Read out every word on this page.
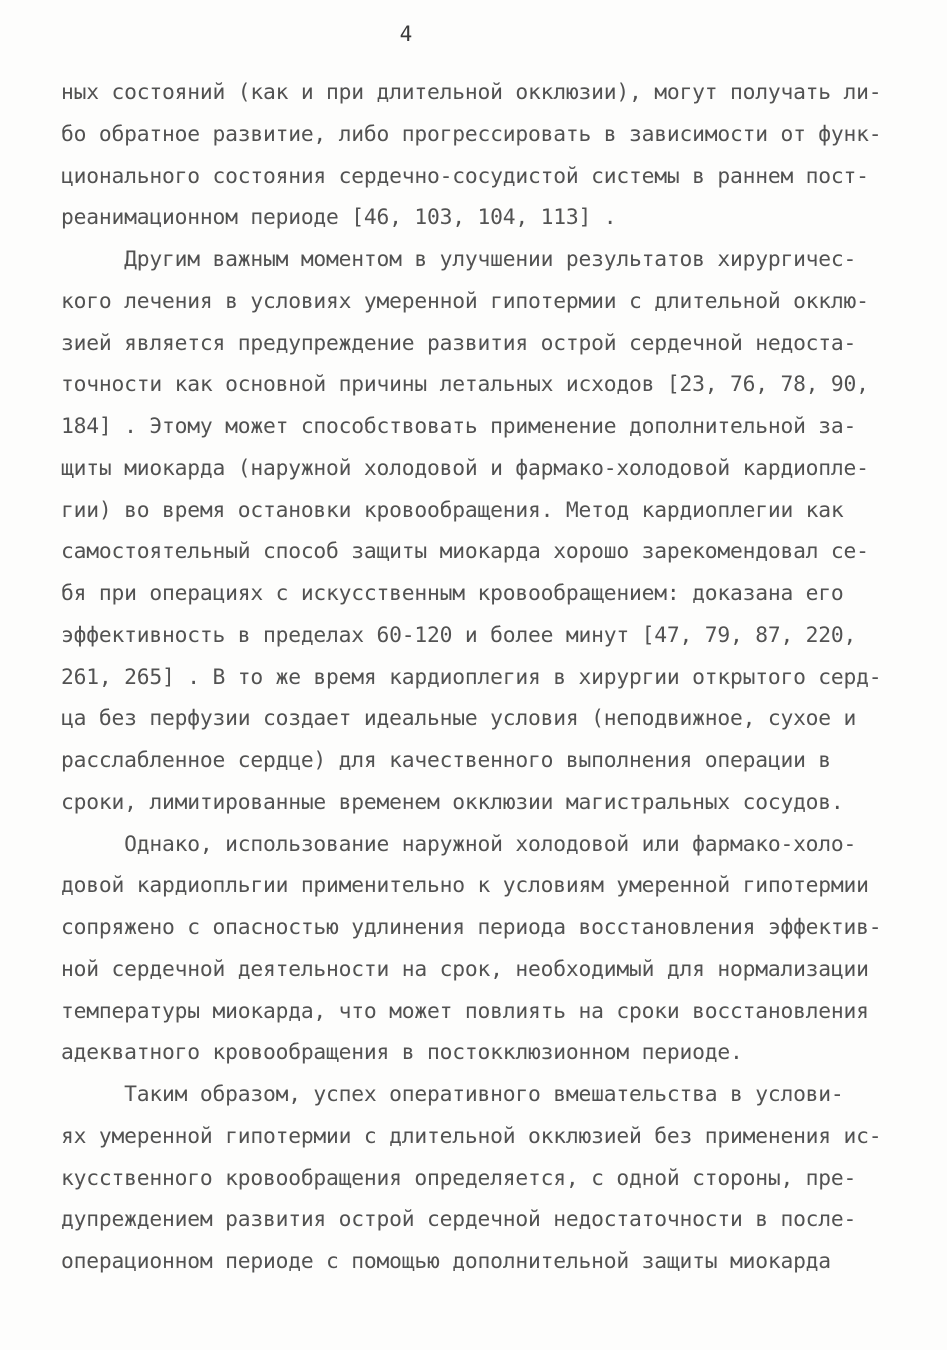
4
ных состояний (как и при длительной окклюзии), могут получать ли-
бо обратное развитие, либо прогрессировать в зависимости от функ-
ционального состояния сердечно-сосудистой системы в раннем пост-
реанимационном периоде [46, 103, 104, 113] .
Другим важным моментом в улучшении результатов хирургичес-
кого лечения в условиях умеренной гипотермии с длительной окклю-
зией является предупреждение развития острой сердечной недоста-
точности как основной причины летальных исходов [23, 76, 78, 90,
184] . Этому может способствовать применение дополнительной за-
щиты миокарда (наружной холодовой и фармако-холодовой кардиопле-
гии) во время остановки кровообращения. Метод кардиоплегии как
самостоятельный способ защиты миокарда хорошо зарекомендовал се-
бя при операциях с искусственным кровообращением: доказана его
эффективность в пределах 60-120 и более минут [47, 79, 87, 220,
261, 265] . В то же время кардиоплегия в хирургии открытого серд-
ца без перфузии создает идеальные условия (неподвижное, сухое и
расслабленное сердце) для качественного выполнения операции в
сроки, лимитированные временем окклюзии магистральных сосудов.
Однако, использование наружной холодовой или фармако-холо-
довой кардиопльгии применительно к условиям умеренной гипотермии
сопряжено с опасностью удлинения периода восстановления эффектив-
ной сердечной деятельности на срок, необходимый для нормализации
температуры миокарда, что может повлиять на сроки восстановления
адекватного кровообращения в постокклюзионном периоде.
Таким образом, успех оперативного вмешательства в услови-
ях умеренной гипотермии с длительной окклюзией без применения ис-
кусственного кровообращения определяется, с одной стороны, пре-
дупреждением развития острой сердечной недостаточности в после-
операционном периоде с помощью дополнительной защиты миокарда
